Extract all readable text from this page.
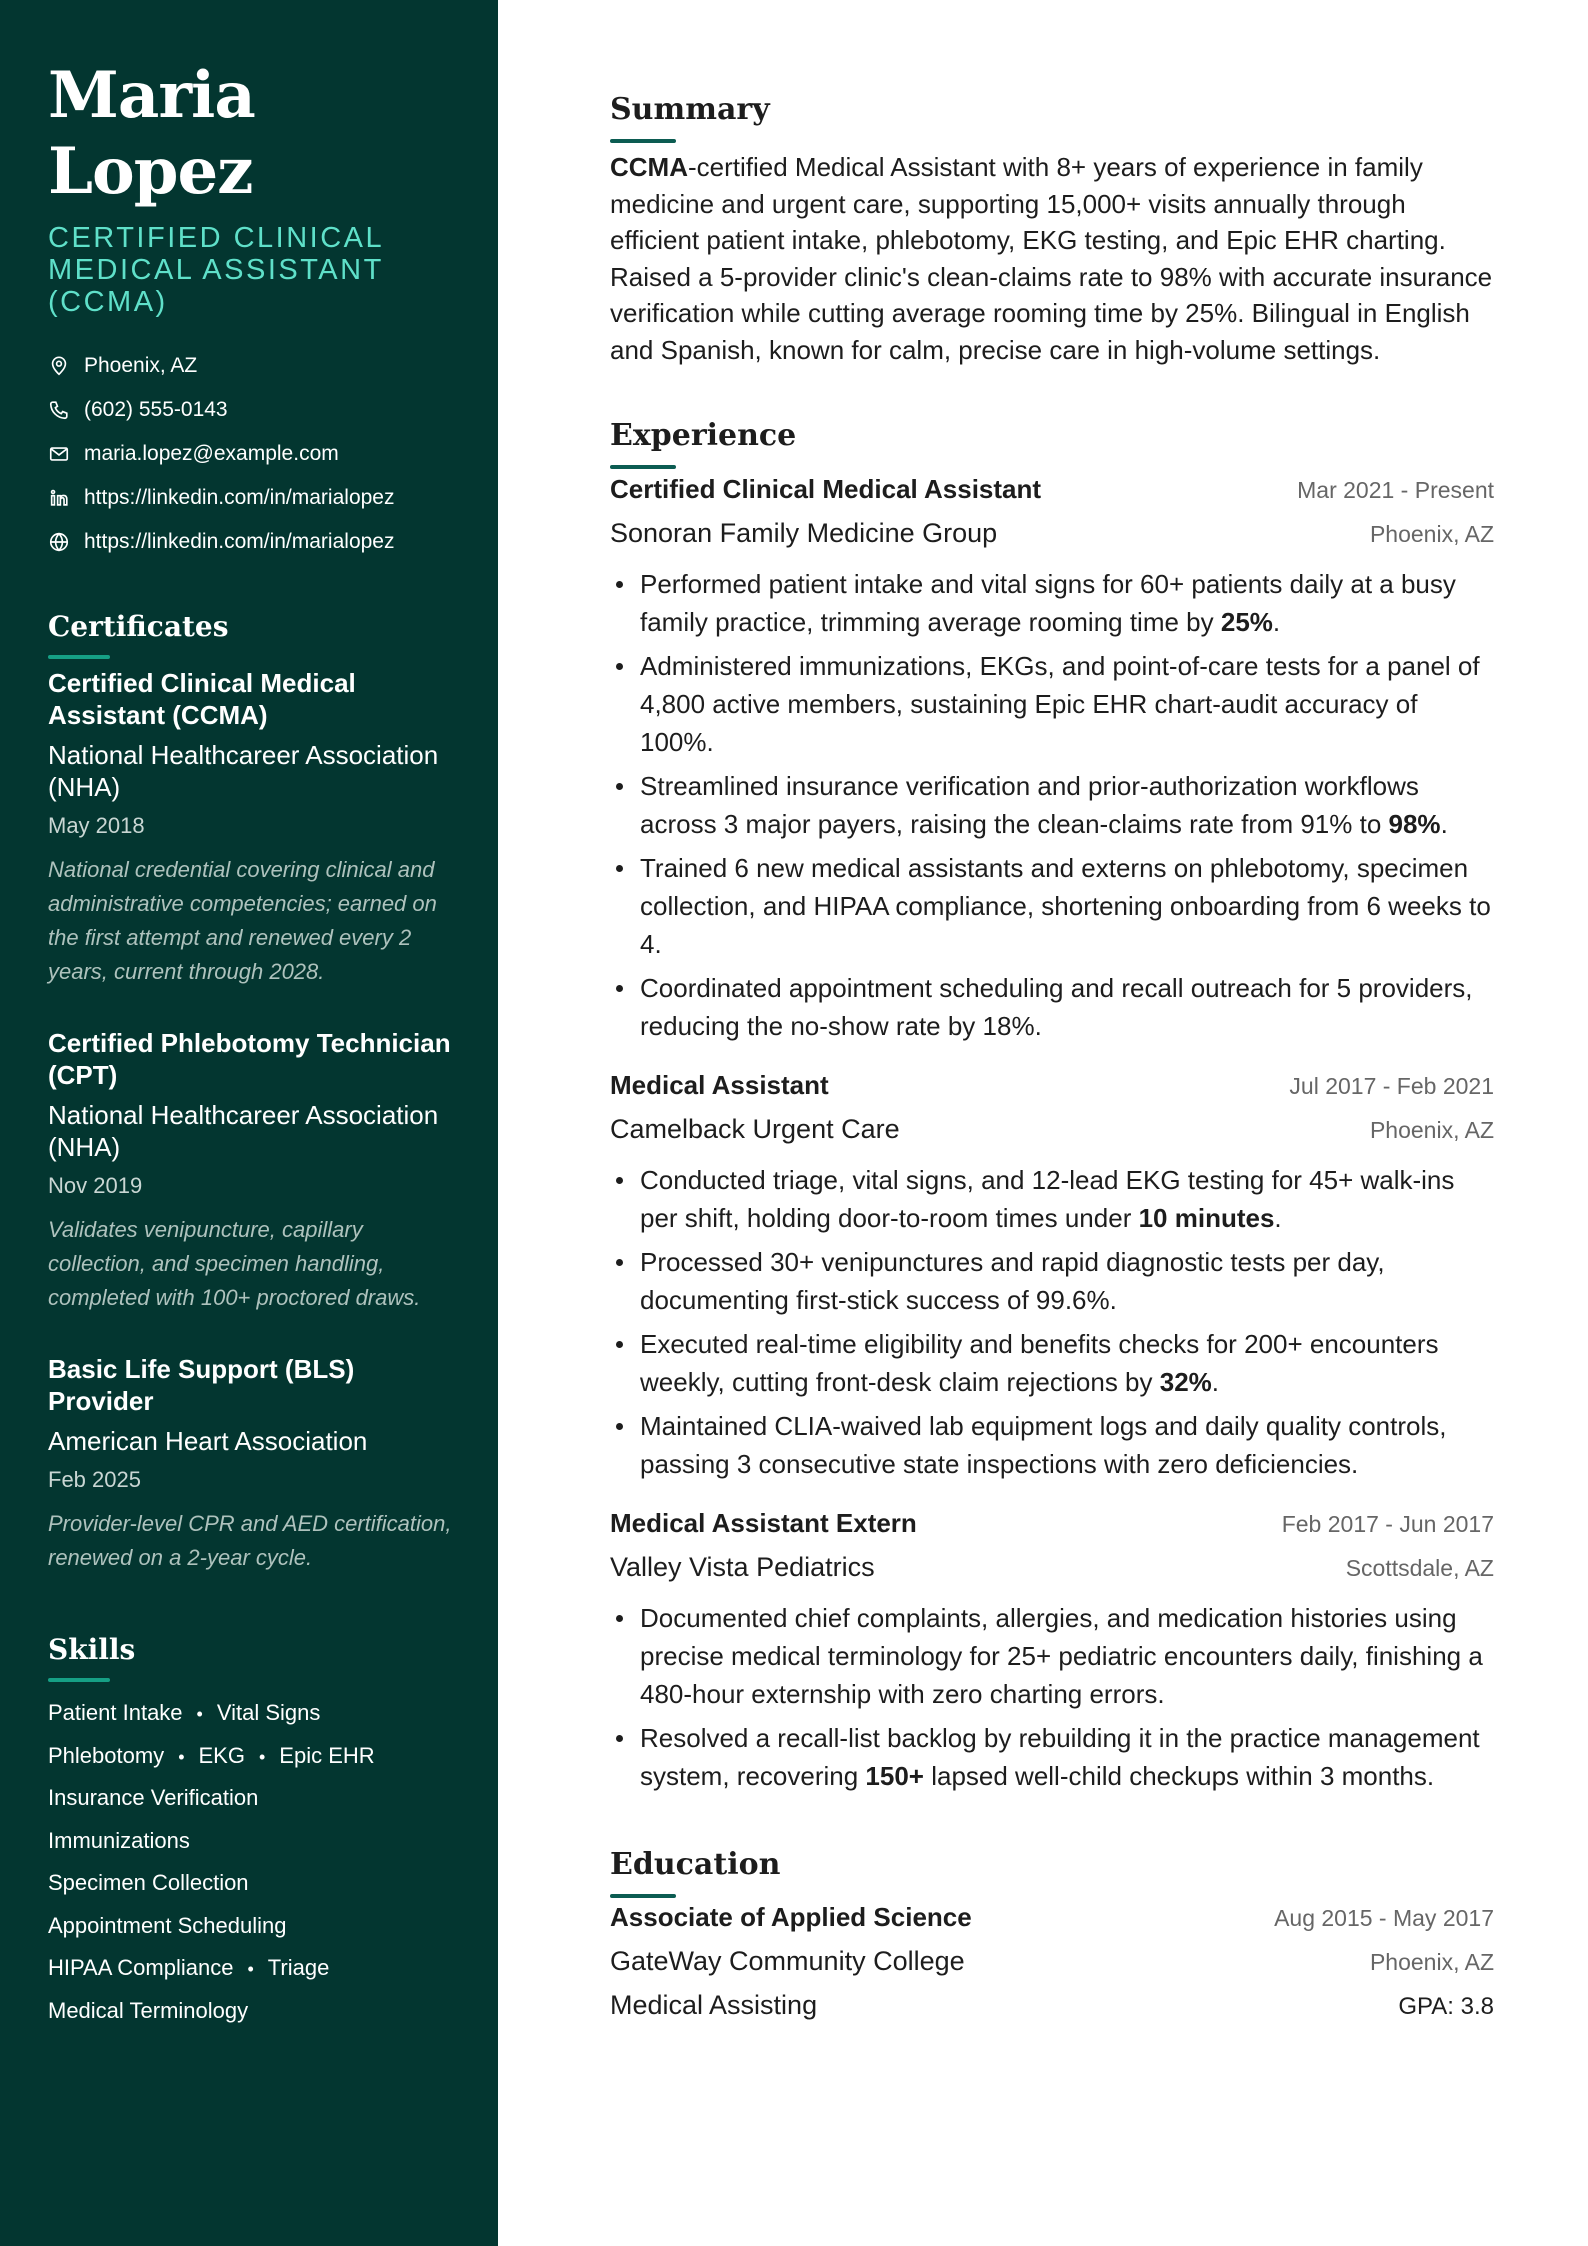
Maria Lopez
CERTIFIED CLINICAL MEDICAL ASSISTANT (CCMA)
Phoenix, AZ
(602) 555-0143
maria.lopez@example.com
https://linkedin.com/in/marialopez
https://linkedin.com/in/marialopez
Certificates
Certified Clinical Medical Assistant (CCMA)
National Healthcareer Association (NHA)
May 2018
National credential covering clinical and administrative competencies; earned on the first attempt and renewed every 2 years, current through 2028.
Certified Phlebotomy Technician (CPT)
National Healthcareer Association (NHA)
Nov 2019
Validates venipuncture, capillary collection, and specimen handling, completed with 100+ proctored draws.
Basic Life Support (BLS) Provider
American Heart Association
Feb 2025
Provider-level CPR and AED certification, renewed on a 2-year cycle.
Skills
Patient Intake • Vital Signs
Phlebotomy • EKG • Epic EHR
Insurance Verification
Immunizations
Specimen Collection
Appointment Scheduling
HIPAA Compliance • Triage
Medical Terminology
Summary

CCMA-certified Medical Assistant with 8+ years of experience in family medicine and urgent care, supporting 15,000+ visits annually through efficient patient intake, phlebotomy, EKG testing, and Epic EHR charting. Raised a 5-provider clinic's clean-claims rate to 98% with accurate insurance verification while cutting average rooming time by 25%. Bilingual in English and Spanish, known for calm, precise care in high-volume settings.

Experience
Certified Clinical Medical Assistant	Mar 2021 - Present
Sonoran Family Medicine Group	Phoenix, AZ
Performed patient intake and vital signs for 60+ patients daily at a busy family practice, trimming average rooming time by 25%.
Administered immunizations, EKGs, and point-of-care tests for a panel of 4,800 active members, sustaining Epic EHR chart-audit accuracy of 100%.
Streamlined insurance verification and prior-authorization workflows across 3 major payers, raising the clean-claims rate from 91% to 98%.
Trained 6 new medical assistants and externs on phlebotomy, specimen collection, and HIPAA compliance, shortening onboarding from 6 weeks to 4.
Coordinated appointment scheduling and recall outreach for 5 providers, reducing the no-show rate by 18%.
Medical Assistant	Jul 2017 - Feb 2021
Camelback Urgent Care	Phoenix, AZ
Conducted triage, vital signs, and 12-lead EKG testing for 45+ walk-ins per shift, holding door-to-room times under 10 minutes.
Processed 30+ venipunctures and rapid diagnostic tests per day, documenting first-stick success of 99.6%.
Executed real-time eligibility and benefits checks for 200+ encounters weekly, cutting front-desk claim rejections by 32%.
Maintained CLIA-waived lab equipment logs and daily quality controls, passing 3 consecutive state inspections with zero deficiencies.
Medical Assistant Extern	Feb 2017 - Jun 2017
Valley Vista Pediatrics	Scottsdale, AZ
Documented chief complaints, allergies, and medication histories using precise medical terminology for 25+ pediatric encounters daily, finishing a 480-hour externship with zero charting errors.
Resolved a recall-list backlog by rebuilding it in the practice management system, recovering 150+ lapsed well-child checkups within 3 months.
Education
Associate of Applied Science	Aug 2015 - May 2017
GateWay Community College	Phoenix, AZ
Medical Assisting	GPA: 3.8
